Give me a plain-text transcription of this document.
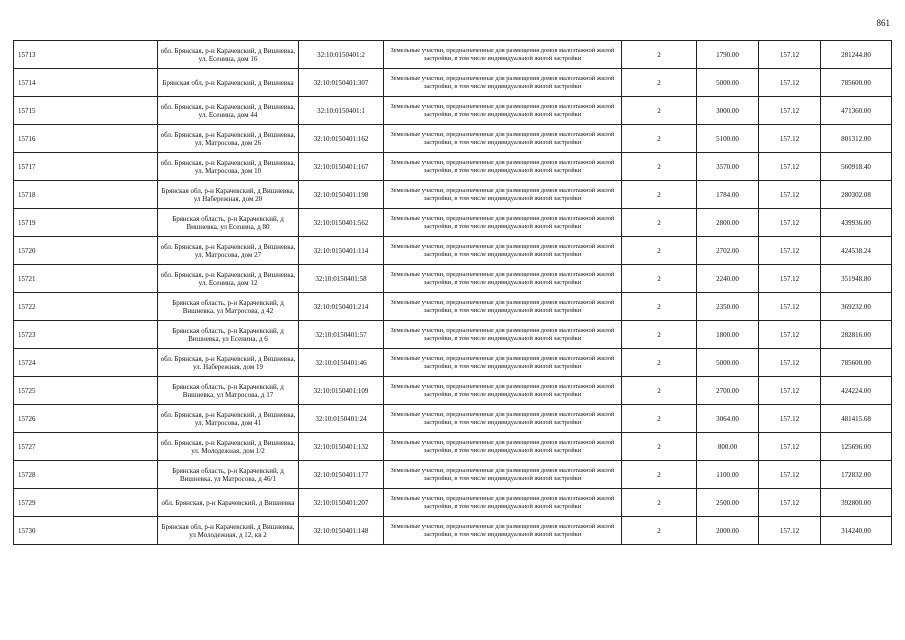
861
15713	обл. Брянская, р-н Карачевский, д Вишневка, ул. Есенина, дом 16	32:10:0150401:2	Земельные участки, предназначенные для размещения домов малоэтажной жилой застройки, в том числе индивидуальной жилой застройки	2	1790.00	157.12	281244.80
15714	Брянская обл, р-н Карачевский, д Вишневка	32:10:0150401:307	Земельные участки, предназначенные для размещения домов малоэтажной жилой застройки, в том числе индивидуальной жилой застройки	2	5000.00	157.12	785600.00
15715	обл. Брянская, р-н Карачевский, д Вишневка, ул. Есенина, дом 44	32:10:0150401:1	Земельные участки, предназначенные для размещения домов малоэтажной жилой застройки, в том числе индивидуальной жилой застройки	2	3000.00	157.12	471360.00
15716	обл. Брянская, р-н Карачевский, д Вишневка, ул. Матросова, дом 26	32:10:0150401:162	Земельные участки, предназначенные для размещения домов малоэтажной жилой застройки, в том числе индивидуальной жилой застройки	2	5100.00	157.12	801312.00
15717	обл. Брянская, р-н Карачевский, д Вишневка, ул. Матросова, дом 10	32:10:0150401:167	Земельные участки, предназначенные для размещения домов малоэтажной жилой застройки, в том числе индивидуальной жилой застройки	2	3570.00	157.12	560918.40
15718	Брянская обл, р-н Карачевский, д Вишневка, ул Набережная, дом 20	32:10:0150401:198	Земельные участки, предназначенные для размещения домов малоэтажной жилой застройки, в том числе индивидуальной жилой застройки	2	1784.00	157.12	280302.08
15719	Брянская область, р-н Карачевский, д Вишневка, ул Есенина, д 80	32:10:0150401:562	Земельные участки, предназначенные для размещения домов малоэтажной жилой застройки, в том числе индивидуальной жилой застройки	2	2800.00	157.12	439936.00
15720	обл. Брянская, р-н Карачевский, д Вишневка, ул. Матросова, дом 27	32:10:0150401:114	Земельные участки, предназначенные для размещения домов малоэтажной жилой застройки, в том числе индивидуальной жилой застройки	2	2702.00	157.12	424538.24
15721	обл. Брянская, р-н Карачевский, д Вишневка, ул. Есенина, дом 12	32:10:0150401:58	Земельные участки, предназначенные для размещения домов малоэтажной жилой застройки, в том числе индивидуальной жилой застройки	2	2240.00	157.12	351948.80
15722	Брянская область, р-н Карачевский, д Вишневка, ул Матросова, д 42	32:10:0150401:214	Земельные участки, предназначенные для размещения домов малоэтажной жилой застройки, в том числе индивидуальной жилой застройки	2	2350.00	157.12	369232.00
15723	Брянская область, р-н Карачевский, д Вишневка, ул Есенина, д 6	32:10:0150401:57	Земельные участки, предназначенные для размещения домов малоэтажной жилой застройки, в том числе индивидуальной жилой застройки	2	1800.00	157.12	282816.00
15724	обл. Брянская, р-н Карачевский, д Вишневка, ул. Набережная, дом 19	32:10:0150401:46	Земельные участки, предназначенные для размещения домов малоэтажной жилой застройки, в том числе индивидуальной жилой застройки	2	5000.00	157.12	785600.00
15725	Брянская область, р-н Карачевский, д Вишневка, ул Матросова, д 17	32:10:0150401:109	Земельные участки, предназначенные для размещения домов малоэтажной жилой застройки, в том числе индивидуальной жилой застройки	2	2700.00	157.12	424224.00
15726	обл. Брянская, р-н Карачевский, д Вишневка, ул. Матросова, дом 41	32:10:0150401:24	Земельные участки, предназначенные для размещения домов малоэтажной жилой застройки, в том числе индивидуальной жилой застройки	2	3064.00	157.12	481415.68
15727	обл. Брянская, р-н Карачевский, д Вишневка, ул. Молодежная, дом 1/2	32:10:0150401:132	Земельные участки, предназначенные для размещения домов малоэтажной жилой застройки, в том числе индивидуальной жилой застройки	2	800.00	157.12	125696.00
15728	Брянская область, р-н Карачевский, д Вишневка, ул Матросова, д 46/1	32:10:0150401:177	Земельные участки, предназначенные для размещения домов малоэтажной жилой застройки, в том числе индивидуальной жилой застройки	2	1100.00	157.12	172832.00
15729	обл. Брянская, р-н Карачевский, д Вишневка	32:10:0150401:207	Земельные участки, предназначенные для размещения домов малоэтажной жилой застройки, в том числе индивидуальной жилой застройки	2	2500.00	157.12	392800.00
15730	Брянская обл, р-н Карачевский, д Вишневка, ул Молодежная, д 12, кв 2	32:10:0150401:148	Земельные участки, предназначенные для размещения домов малоэтажной жилой застройки, в том числе индивидуальной жилой застройки	2	2000.00	157.12	314240.00
